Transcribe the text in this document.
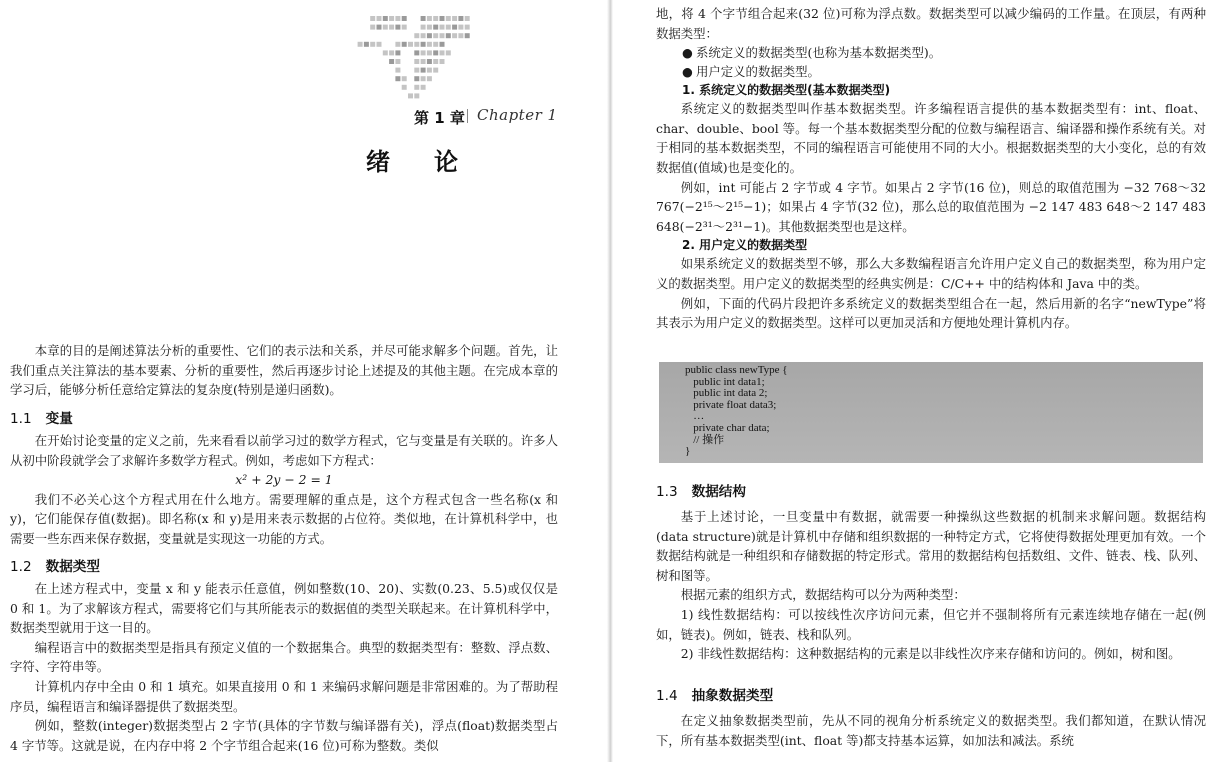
第 1 章 Chapter 1
绪论

本章的目的是阐述算法分析的重要性、它们的表示法和关系，并尽可能求解多个问题。首先，让我们重点关注算法的基本要素、分析的重要性，然后再逐步讨论上述提及的其他主题。在完成本章的学习后，能够分析任意给定算法的复杂度(特别是递归函数)。

1.1 变量

在开始讨论变量的定义之前，先来看看以前学习过的数学方程式，它与变量是有关联的。许多人从初中阶段就学会了求解许多数学方程式。例如，考虑如下方程式：

x² + 2y − 2 = 1

我们不必关心这个方程式用在什么地方。需要理解的重点是，这个方程式包含一些名称(x 和 y)，它们能保存值(数据)。即名称(x 和 y)是用来表示数据的占位符。类似地，在计算机科学中，也需要一些东西来保存数据，变量就是实现这一功能的方式。

1.2 数据类型

在上述方程式中，变量 x 和 y 能表示任意值，例如整数(10、20)、实数(0.23、5.5)或仅仅是 0 和 1。为了求解该方程式，需要将它们与其所能表示的数据值的类型关联起来。在计算机科学中，数据类型就用于这一目的。

编程语言中的数据类型是指具有预定义值的一个数据集合。典型的数据类型有：整数、浮点数、字符、字符串等。

计算机内存中全由 0 和 1 填充。如果直接用 0 和 1 来编码求解问题是非常困难的。为了帮助程序员，编程语言和编译器提供了数据类型。

例如，整数(integer)数据类型占 2 字节(具体的字节数与编译器有关)，浮点(float)数据类型占 4 字节等。这就是说，在内存中将 2 个字节组合起来(16 位)可称为整数。类似

地，将 4 个字节组合起来(32 位)可称为浮点数。数据类型可以减少编码的工作量。在顶层，有两种数据类型：

● 系统定义的数据类型(也称为基本数据类型)。

● 用户定义的数据类型。

1. 系统定义的数据类型(基本数据类型)

系统定义的数据类型叫作基本数据类型。许多编程语言提供的基本数据类型有：int、float、char、double、bool 等。每一个基本数据类型分配的位数与编程语言、编译器和操作系统有关。对于相同的基本数据类型，不同的编程语言可能使用不同的大小。根据数据类型的大小变化，总的有效数据值(值域)也是变化的。

例如，int 可能占 2 字节或 4 字节。如果占 2 字节(16 位)，则总的取值范围为 −32 768～32 767(−2¹⁵～2¹⁵−1)；如果占 4 字节(32 位)，那么总的取值范围为 −2 147 483 648～2 147 483 648(−2³¹～2³¹−1)。其他数据类型也是这样。

2. 用户定义的数据类型

如果系统定义的数据类型不够，那么大多数编程语言允许用户定义自己的数据类型，称为用户定义的数据类型。用户定义的数据类型的经典实例是：C/C++ 中的结构体和 Java 中的类。

例如，下面的代码片段把许多系统定义的数据类型组合在一起，然后用新的名字“newType”将其表示为用户定义的数据类型。这样可以更加灵活和方便地处理计算机内存。

public class newType {
public int data1;
public int data 2;
private float data3;
…
private char data;
// 操作
}
1.3 数据结构

基于上述讨论，一旦变量中有数据，就需要一种操纵这些数据的机制来求解问题。数据结构(data structure)就是计算机中存储和组织数据的一种特定方式，它将使得数据处理更加有效。一个数据结构就是一种组织和存储数据的特定形式。常用的数据结构包括数组、文件、链表、栈、队列、树和图等。

根据元素的组织方式，数据结构可以分为两种类型：

1) 线性数据结构：可以按线性次序访问元素，但它并不强制将所有元素连续地存储在一起(例如，链表)。例如，链表、栈和队列。

2) 非线性数据结构：这种数据结构的元素是以非线性次序来存储和访问的。例如，树和图。

1.4 抽象数据类型

在定义抽象数据类型前，先从不同的视角分析系统定义的数据类型。我们都知道，在默认情况下，所有基本数据类型(int、float 等)都支持基本运算，如加法和减法。系统
